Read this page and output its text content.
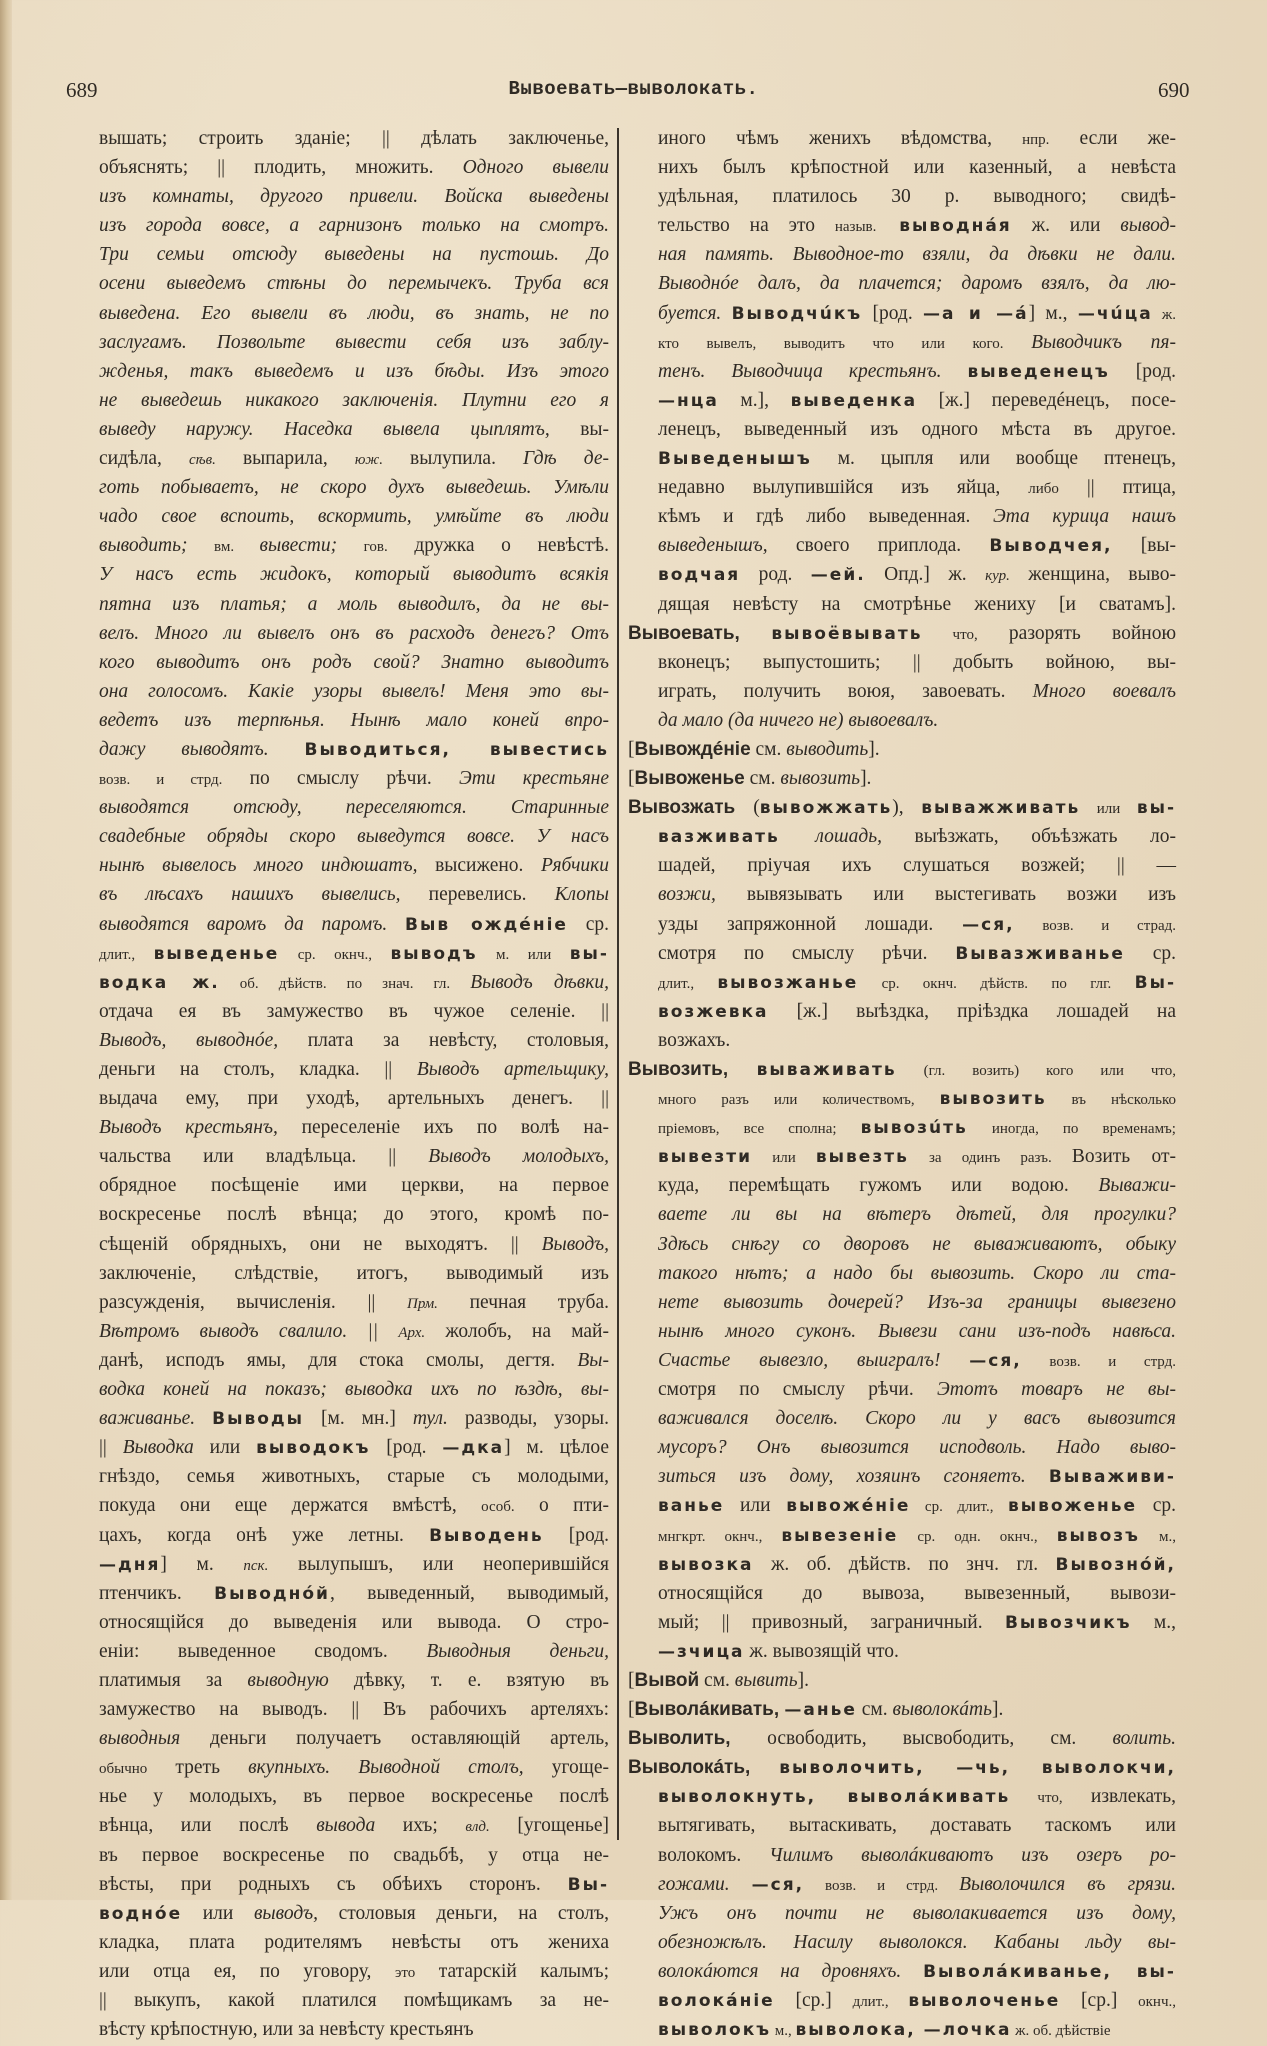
689	Вывоевать—выволокать.	690
вышать; строить зданіе; || дѣлать заключенье,
объяснять; || плодить, множить. Одного вывели
изъ комнаты, другого привели. Войска выведены
изъ города вовсе, а гарнизонъ только на смотръ.
Три семьи отсюду выведены на пустошь. До
осени выведемъ стѣны до перемычекъ. Труба вся
выведена. Его вывели въ люди, въ знать, не по
заслугамъ. Позвольте вывести себя изъ заблу-
жденья, такъ выведемъ и изъ бѣды. Изъ этого
не выведешь никакого заключенія. Плутни его я
выведу наружу. Наседка вывела цыплятъ, вы-
сидѣла, сѣв. выпарила, юж. вылупила. Гдѣ де-
готь побываетъ, не скоро духъ выведешь. Умѣли
чадо свое вспоить, вскормить, умѣйте въ люди
выводить; вм. вывести; гов. дружка о невѣстѣ.
У насъ есть жидокъ, который выводитъ всякія
пятна изъ платья; а моль выводилъ, да не вы-
велъ. Много ли вывелъ онъ въ расходъ денегъ? Отъ
кого выводитъ онъ родъ свой? Знатно выводитъ
она голосомъ. Какіе узоры вывелъ! Меня это вы-
ведетъ изъ терпѣнья. Нынѣ мало коней впро-
дажу выводятъ. Выводиться, вывестись
возв. и стрд. по смыслу рѣчи. Эти крестьяне
выводятся отсюду, переселяются. Старинные
свадебные обряды скоро выведутся вовсе. У насъ
нынѣ вывелось много индюшатъ, высижено. Рябчики
въ лѣсахъ нашихъ вывелись, перевелись. Клопы
выводятся варомъ да паромъ. Выв ождéніе ср.
длит., выведенье ср. окнч., выводъ м. или вы-
водка ж. об. дѣйств. по знач. гл. Выводъ дѣвки,
отдача ея въ замужество въ чужое селеніе. ||
Выводъ, выводнóе, плата за невѣсту, столовыя,
деньги на столъ, кладка. || Выводъ артельщику,
выдача ему, при уходѣ, артельныхъ денегъ. ||
Выводъ крестьянъ, переселеніе ихъ по волѣ на-
чальства или владѣльца. || Выводъ молодыхъ,
обрядное посѣщеніе ими церкви, на первое
воскресенье послѣ вѣнца; до этого, кромѣ по-
сѣщеній обрядныхъ, они не выходятъ. || Выводъ,
заключеніе, слѣдствіе, итогъ, выводимый изъ
разсужденія, вычисленія. || Прм. печная труба.
Вѣтромъ выводъ свалило. || Арх. жолобъ, на май-
данѣ, исподъ ямы, для стока смолы, дегтя. Вы-
водка коней на показъ; выводка ихъ по ѣздѣ, вы-
важиванье. Выводы [м. мн.] тул. разводы, узоры.
|| Выводка или выводокъ [род. —дка] м. цѣлое
гнѣздо, семья животныхъ, старые съ молодыми,
покуда они еще держатся вмѣстѣ, особ. о пти-
цахъ, когда онѣ уже летны. Выводень [род.
—дня] м. пск. вылупышъ, или неоперившійся
птенчикъ. Выводнóй, выведенный, выводимый,
относящійся до выведенія или вывода. О стро-
еніи: выведенное сводомъ. Выводныя деньги,
платимыя за выводную дѣвку, т. е. взятую въ
замужество на выводъ. || Въ рабочихъ артеляхъ:
выводныя деньги получаетъ оставляющій артель,
обычно треть вкупныхъ. Выводной столъ, угоще-
нье у молодыхъ, въ первое воскресенье послѣ
вѣнца, или послѣ вывода ихъ; влд. [угощенье]
въ первое воскресенье по свадьбѣ, у отца не-
вѣсты, при родныхъ съ обѣихъ сторонъ. Вы-
воднóе или выводъ, столовыя деньги, на столъ,
кладка, плата родителямъ невѣсты отъ жениха
или отца ея, по уговору, это татарскій калымъ;
|| выкупъ, какой платился помѣщикамъ за не-
вѣсту крѣпостную, или за невѣсту крестьянъ
иного чѣмъ женихъ вѣдомства, нпр. если же-
нихъ былъ крѣпостной или казенный, а невѣста
удѣльная, платилось 30 р. выводного; свидѣ-
тельство на это назыв. выводнáя ж. или вывод-
ная память. Выводное-то взяли, да дѣвки не дали.
Выводнóе далъ, да плачется; даромъ взялъ, да лю-
буется. Выводчúкъ [род. —а и —á] м., —чúца ж.
кто вывелъ, выводитъ что или кого. Выводчикъ пя-
тенъ. Выводчица крестьянъ. выведенецъ [род.
—нца м.], выведенка [ж.] переведéнецъ, посе-
ленецъ, выведенный изъ одного мѣста въ другое.
Выведенышъ м. цыпля или вообще птенецъ,
недавно вылупившійся изъ яйца, либо || птица,
кѣмъ и гдѣ либо выведенная. Эта курица нашъ
выведенышъ, своего приплода. Выводчея, [вы-
водчая род. —ей. Опд.] ж. кур. женщина, выво-
дящая невѣсту на смотрѣнье жениху [и сватамъ].
Вывоевать, вывоёвывать что, разорять войною
вконецъ; выпустошить; || добыть войною, вы-
играть, получить воюя, завоевать. Много воевалъ
да мало (да ничего не) вывоевалъ.
[Вывождéніе см. выводить].
[Вывоженье см. вывозить].
Вывозжать (вывожжать), выважживать или вы-
вазживать лошадь, выѣзжать, объѣзжать ло-
шадей, пріучая ихъ слушаться возжей; || —
возжи, вывязывать или выстегивать возжи изъ
узды запряжонной лошади. —ся, возв. и страд.
смотря по смыслу рѣчи. Вывазживанье ср.
длит., вывозжанье ср. окнч. дѣйств. по глг. Вы-
возжевка [ж.] выѣздка, пріѣздка лошадей на
возжахъ.
Вывозить, вываживать (гл. возить) кого или что,
много разъ или количествомъ, вывозить въ нѣсколько
пріемовъ, все сполна; вывозúть иногда, по временамъ;
вывезти или вывезть за одинъ разъ. Возить от-
куда, перемѣщать гужомъ или водою. Выважи-
ваете ли вы на вѣтеръ дѣтей, для прогулки?
Здѣсь снѣгу со дворовъ не вываживаютъ, обыку
такого нѣтъ; а надо бы вывозить. Скоро ли ста-
нете вывозить дочерей? Изъ-за границы вывезено
нынѣ много суконъ. Вывези сани изъ-подъ навѣса.
Счастье вывезло, выигралъ! —ся, возв. и стрд.
смотря по смыслу рѣчи. Этотъ товаръ не вы-
важивался доселѣ. Скоро ли у васъ вывозится
мусоръ? Онъ вывозится исподволь. Надо выво-
зиться изъ дому, хозяинъ сгоняетъ. Вываживи-
ванье или вывожéніе ср. длит., вывоженье ср.
мнгкрт. окнч., вывезеніе ср. одн. окнч., вывозъ м.,
вывозка ж. об. дѣйств. по знч. гл. Вывознóй,
относящійся до вывоза, вывезенный, вывози-
мый; || привозный, заграничный. Вывозчикъ м.,
—зчица ж. вывозящій что.
[Вывой см. вывить].
[Выволáкивать, —анье см. выволокáть].
Выволить, освободить, высвободить, см. волить.
Выволокáть, выволочить, —чь, выволокчи,
выволокнуть, выволáкивать что, извлекать,
вытягивать, вытаскивать, доставать таскомъ или
волокомъ. Чилимъ выволáкиваютъ изъ озеръ ро-
гожами. —ся, возв. и стрд. Выволочился въ грязи.
Ужъ онъ почти не выволакивается изъ дому,
обезножѣлъ. Насилу выволокся. Кабаны льду вы-
волокáются на дровняхъ. Выволáкиванье, вы-
волокáніе [ср.] длит., выволоченье [ср.] окнч.,
выволокъ м., выволока, —лочка ж. об. дѣйствіе
